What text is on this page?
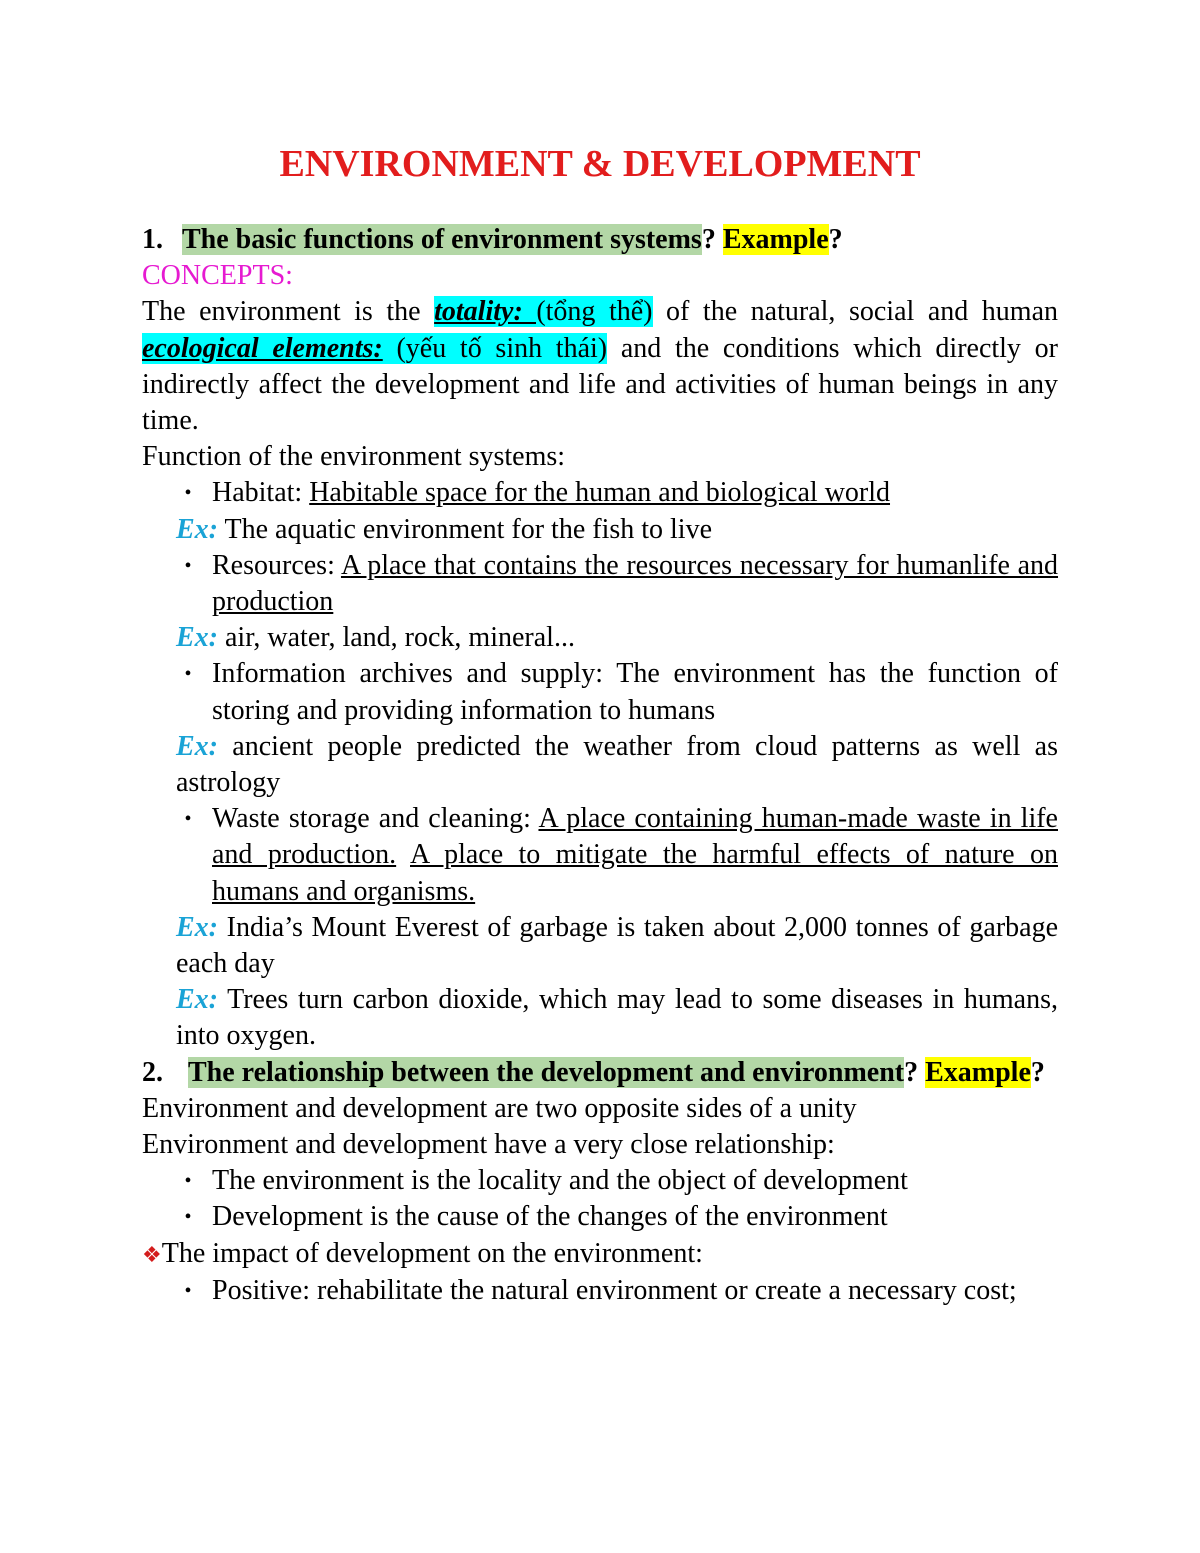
ENVIRONMENT & DEVELOPMENT

1. The basic functions of environment systems? Example?

CONCEPTS:

The environment is the totality: (tổng thể) of the natural, social and human ecological elements: (yếu tố sinh thái) and the conditions which directly or indirectly affect the development and life and activities of human beings in any time.

Function of the environment systems:

• Habitat: Habitable space for the human and biological world

Ex: The aquatic environment for the fish to live

• Resources: A place that contains the resources necessary for humanlife and production

Ex: air, water, land, rock, mineral...

• Information archives and supply: The environment has the function of storing and providing information to humans

Ex: ancient people predicted the weather from cloud patterns as well as astrology

• Waste storage and cleaning: A place containing human-made waste in life and production. A place to mitigate the harmful effects of nature on humans and organisms.

Ex: India’s Mount Everest of garbage is taken about 2,000 tonnes of garbage each day

Ex: Trees turn carbon dioxide, which may lead to some diseases in humans, into oxygen.

2. The relationship between the development and environment? Example?

Environment and development are two opposite sides of a unity

Environment and development have a very close relationship:

• The environment is the locality and the object of development
• Development is the cause of the changes of the environment

❖The impact of development on the environment:

• Positive: rehabilitate the natural environment or create a necessary cost;
